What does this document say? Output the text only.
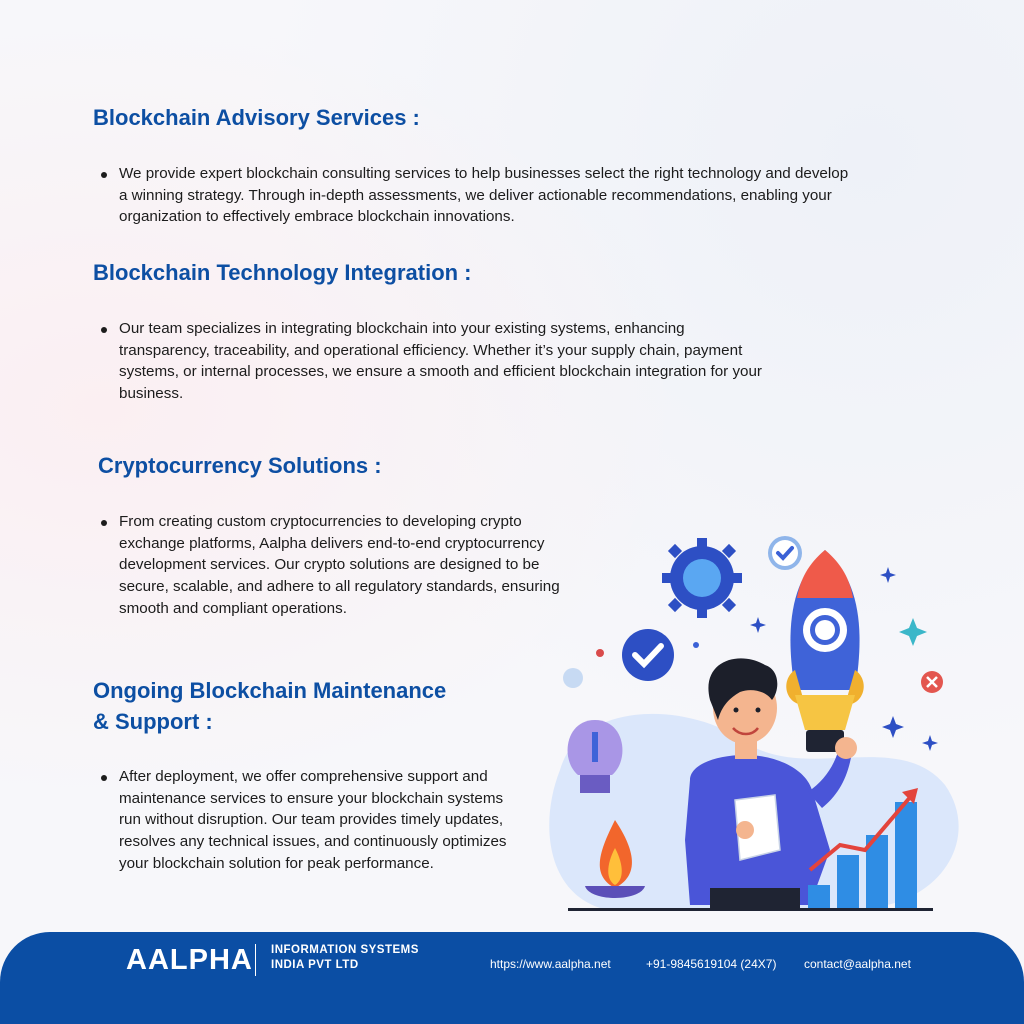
Blockchain Advisory Services :

We provide expert blockchain consulting services to help businesses select the right technology and develop a winning strategy. Through in-depth assessments, we deliver actionable recommendations, enabling your organization to effectively embrace blockchain innovations.

Blockchain Technology Integration :

Our team specializes in integrating blockchain into your existing systems, enhancing transparency, traceability, and operational efficiency. Whether it’s your supply chain, payment systems, or internal processes, we ensure a smooth and efficient blockchain integration for your business.

Cryptocurrency Solutions :

From creating custom cryptocurrencies to developing crypto exchange platforms, Aalpha delivers end-to-end cryptocurrency development services. Our crypto solutions are designed to be secure, scalable, and adhere to all regulatory standards, ensuring smooth and compliant operations.

Ongoing Blockchain Maintenance
& Support :

After deployment, we offer comprehensive support and maintenance services to ensure your blockchain systems run without disruption. Our team provides timely updates, resolves any technical issues, and continuously optimizes your blockchain solution for peak performance.

AALPHA INFORMATION SYSTEMS
INDIA PVT LTD	https://www.aalpha.net	+91-9845619104 (24X7) contact@aalpha.net
